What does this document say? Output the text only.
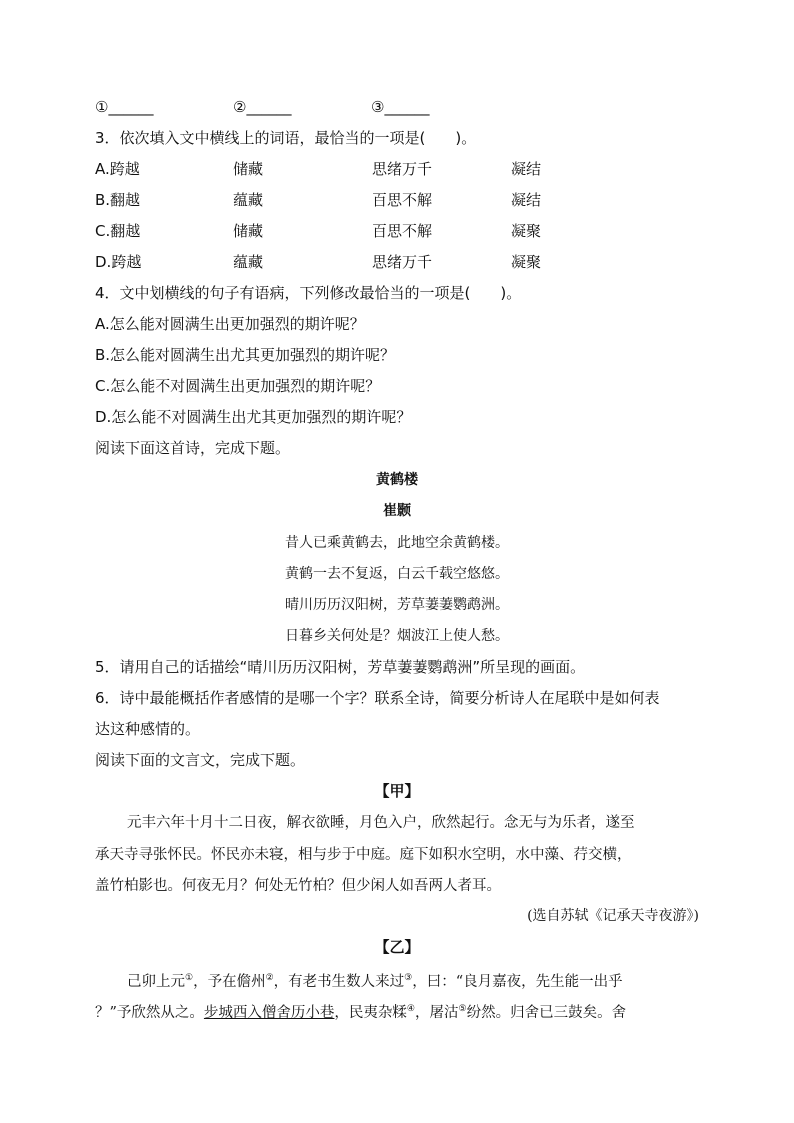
①______	②______	③______
3．依次填入文中横线上的词语，最恰当的一项是(　　)。
A.跨越	储藏	思绪万千	凝结
B.翻越	蕴藏	百思不解	凝结
C.翻越	储藏	百思不解	凝聚
D.跨越	蕴藏	思绪万千	凝聚
4．文中划横线的句子有语病，下列修改最恰当的一项是(　　)。
A.怎么能对圆满生出更加强烈的期许呢？
B.怎么能对圆满生出尤其更加强烈的期许呢？
C.怎么能不对圆满生出更加强烈的期许呢？
D.怎么能不对圆满生出尤其更加强烈的期许呢？
阅读下面这首诗，完成下题。
黄鹤楼
崔颢
昔人已乘黄鹤去，此地空余黄鹤楼。
黄鹤一去不复返，白云千载空悠悠。
晴川历历汉阳树，芳草萋萋鹦鹉洲。
日暮乡关何处是？烟波江上使人愁。
5．请用自己的话描绘“晴川历历汉阳树，芳草萋萋鹦鹉洲”所呈现的画面。
6．诗中最能概括作者感情的是哪一个字？联系全诗，简要分析诗人在尾联中是如何表
达这种感情的。
阅读下面的文言文，完成下题。
【甲】
元丰六年十月十二日夜，解衣欲睡，月色入户，欣然起行。念无与为乐者，遂至
承天寺寻张怀民。怀民亦未寝，相与步于中庭。庭下如积水空明，水中藻、荇交横，
盖竹柏影也。何夜无月？何处无竹柏？但少闲人如吾两人者耳。
(选自苏轼《记承天寺夜游》)
【乙】
己卯上元①，予在儋州②，有老书生数人来过③，曰：“良月嘉夜，先生能一出乎
？”予欣然从之。步城西入僧舍历小巷，民夷杂糅④，屠沽⑤纷然。归舍已三鼓矣。舍
